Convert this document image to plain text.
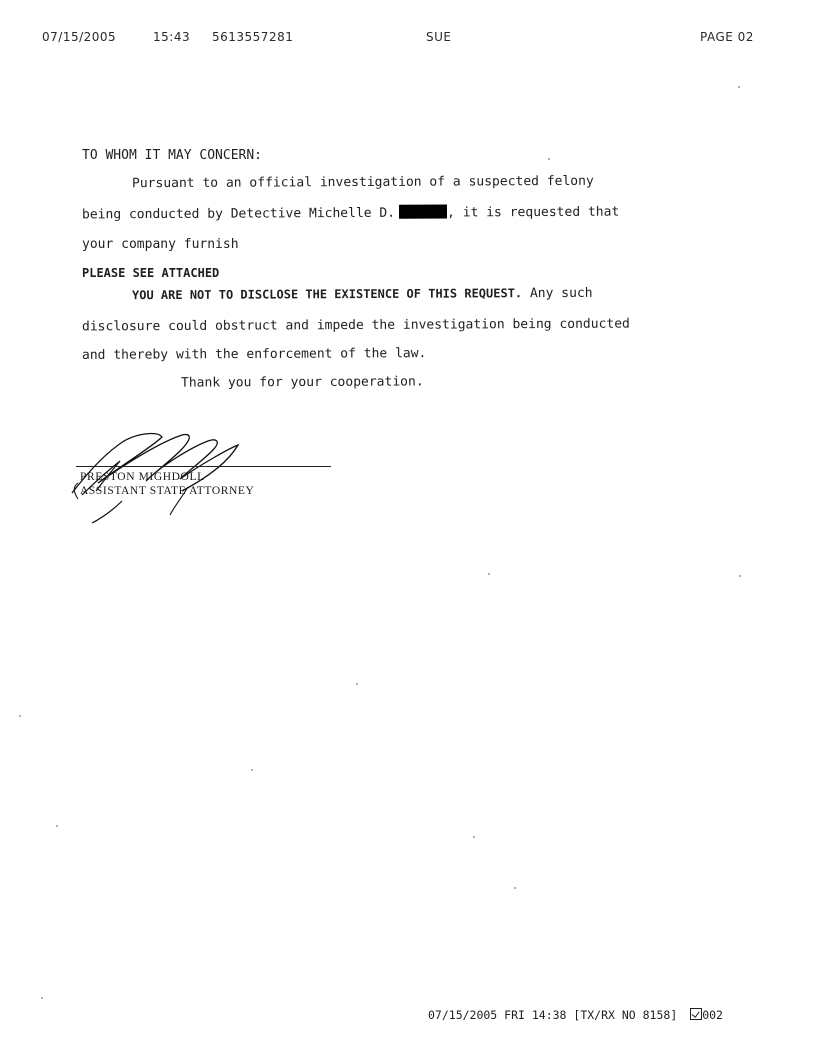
07/15/2005	15:43 5613557281	SUE	PAGE 02
TO WHOM IT MAY CONCERN:
Pursuant to an official investigation of a suspected felony
being conducted by Detective Michelle D.	, it is requested that
your company furnish
PLEASE SEE ATTACHED
YOU ARE NOT TO DISCLOSE THE EXISTENCE OF THIS REQUEST. Any such
disclosure could obstruct and impede the investigation being conducted
and thereby with the enforcement of the law.
Thank you for your cooperation.
PRESTON MIGHDOLL
ASSISTANT STATE ATTORNEY
07/15/2005 FRI 14:38 [TX/RX NO 8158] 002
